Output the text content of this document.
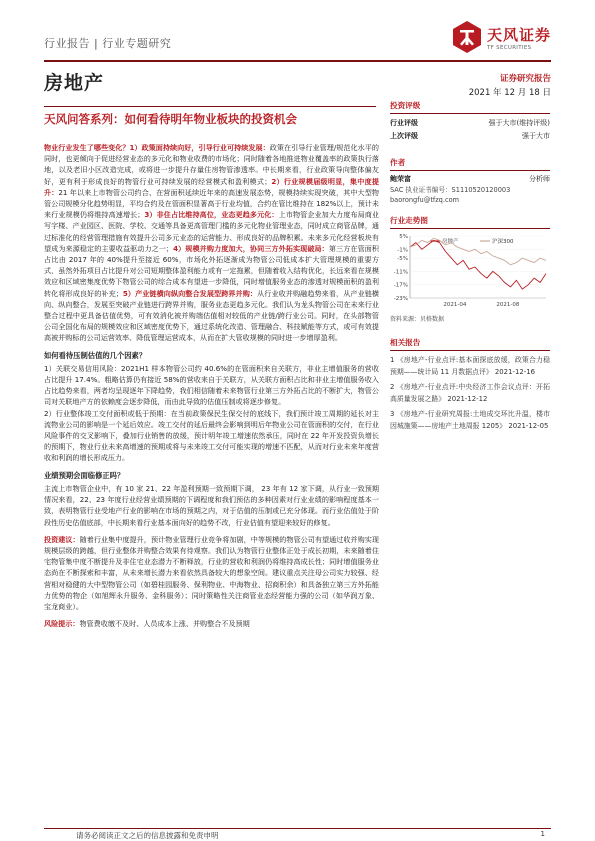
行业报告 | 行业专题研究	天风证券
TF SECURITIES
房地产	证券研究报告
2021 年 12 月 18 日
天风问答系列：如何看待明年物业板块的投资机会

物业行业发生了哪些变化？1）政策面持续向好，引导行业可持续发展：政策在引导行业管理/规范化水平的同时，也更倾向于促进经营业态的多元化和物业收费的市场化；同时随着各地推进物业覆盖率的政策执行落地，以及老旧小区改造完成，或将进一步提升存量住房物管渗透率。中长期来看，行业政策导向整体偏友好，更有利于形成良好的物管行业可持续发展的经营模式和盈利模式；2）行业规模届级明显，集中度提升：21 年以来上市物管公司约合、在营面积延续近年来的高速发展态势，规模持续实现突破，其中大型物管公司规模分化趋势明显，平均合约及在管面积显著高于行业均值，合约在管比维持在 182%以上，预计未来行业规模仍将维持高速增长；3）非住占比维持高位，业态更趋多元化：上市物管企业加大力度布局商业写字楼、产业园区、医院、学校、交通等具备更高管理门槛的多元化物业管理业态，同时成立商管品牌，通过标准化的经营管理措施有效提升公司多元业态的运营能力、形成良好的品牌积累。未来多元化经营板块有望成为来源稳定的主要收益驱动力之一；4）规模并购力度加大，协同三方外拓实现破局：第三方在管面积占比由 2017 年的 40%提升至接近 60%，市场化外拓逐渐成为物管公司低成本扩大管理规模的重要方式，虽然外拓项目占比提升对公司短期整体盈利能力或有一定拖累，但随着收入结构优化，长远来看在规模效应和区域密集度优势下物管公司的综合成本有望进一步降低，同时增值服务业态的渗透对规模面积的盈利转化将形成良好的补充；5）产业链横向纵向整合发展型跨界并购：从行业收并购融趋势来看，从产业链横向、纵向整合，发展至突破产业链进行跨界并购，服务业态更趋多元化。我们认为龙头物管公司在未来行业整合过程中更具备估值优势，可有效消化被并购端估值相对较低的产业链/跨行业公司。同时，在头部物管公司全国化布局的规模效应和区域密度优势下，通过系统化改造、管理融合、科技赋能等方式，或可有效提高被并购标的公司运营效率、降低管理运营成本，从而在扩大管收规模的同时进一步增厚盈利。

如何看待压制估值的几个因素？

1）关联交易信用风险：2021H1 样本物管公司约 40.6%的在管面积来自关联方，非业主增值服务的营收占比提升 17.4%。粗略估算仍有接近 58%的营收来自于关联方，从关联方面积占比和非业主增值服务收入占比趋势来看，两者均呈现逐年下降趋势，我们相信随着未来物管行业第三方外拓占比的不断扩大，物管公司对关联地产方的依赖度会逐步降低，而由此导致的估值压制或将逐步修复。

2）行业整体竣工交付面积或低于预期：在当前政策保民生保交付的底线下，我们预计竣工周期的延长对主流物业公司的影响是一个延后效应。竣工交付的延后最终会影响到明后年物业公司在管面积的交付，在行业风险事件的交叉影响下，叠加行业销售的放缓，预计明年竣工增速依然承压，同时在 22 年开发投资负增长的预期下，物业行业未来高增速的预期或将与未来竣工交付可能实现的增速不匹配，从而对行业未来年度营收和利润的增长形成压力。

业绩预期会面临修正吗？

主流上市物管企业中，有 10 家 21、22 年盈利预期一致预期下调， 23 年有 12 家下调，从行业一致预期情况来看，22、23 年度行业经营业绩预期的下调程度和我们预估的多种因素对行业业绩的影响程度基本一致，表明物管行业受地产行业的影响在市场的预期之内，对于估值的压制或已充分体现。而行业估值处于阶段性历史估值底部，中长期来看行业基本面向好的趋势不改，行业估值有望迎来较好的修复。

投资建议：随着行业集中度提升，预计物业管理行业竞争将加剧，中等规模的物管公司有望通过收并购实现规模层级的跨越，但行业整体并购整合效果有待观察。我们认为物管行业整体正处于成长初期，未来随着住宅物管集中度不断提升及非住宅业态潜力不断释放，行业的营收和利润仍将维持高成长性；同时增值服务业态尚在不断探索和丰富，从未来增长潜力来看依然具备较大的想象空间。建议重点关注母公司实力较强、经营相对稳健的大中型物管公司（如碧桂园服务、保利物业、中海物业、招商积余）和具备独立第三方外拓能力优势的物企（如旭辉永升服务、金科服务）；同时策略性关注商管业态经营能力强的公司（如华润万象、宝龙商业）。

风险提示：物管费收缴不及时、人员成本上涨、并购整合不及预期

投资评级
行业评级	强于大市(维持评级)
上次评级	强于大市
作者
鲍荣富	分析师
SAC 执业证书编号：S1110520120003
baorongfu@tfzq.com
行业走势图
5%
-1%
-5%
-11%
-17%
-23%
2021-04	2021-08
房地产	沪深300
资料来源：贝格数据
相关报告
1 《房地产-行业点评:基本面探底放缓，政策合力稳预期——统计局 11 月数据点评》 2021-12-16
2 《房地产-行业点评:中央经济工作会议点评：开拓高质量发展之路》 2021-12-12
3 《房地产-行业研究周报:土地成交环比升温，楼市因城施策——房地产土地周报 1205》 2021-12-05
请务必阅读正文之后的信息披露和免责申明	1
